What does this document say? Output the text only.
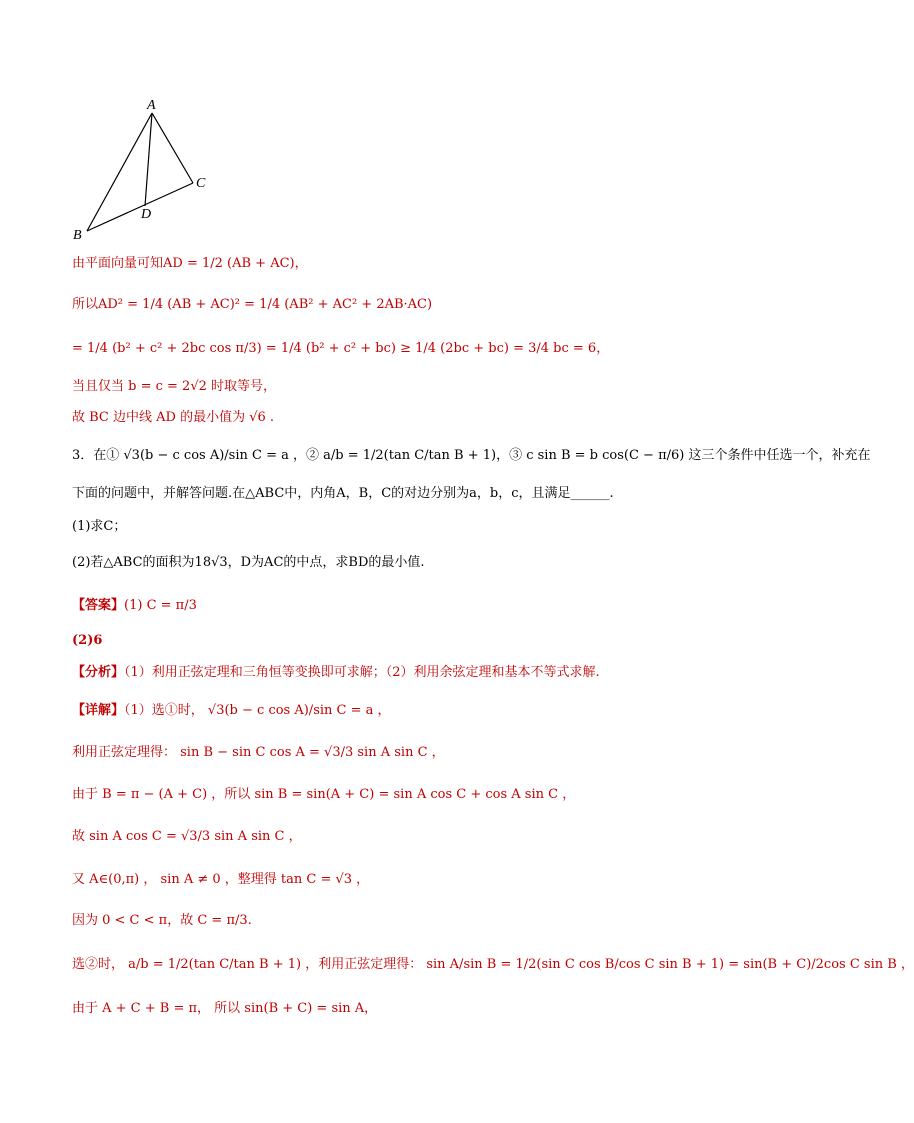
A
B
C
D
由平面向量可知AD = 1/2 (AB + AC)，
所以AD² = 1/4 (AB + AC)² = 1/4 (AB² + AC² + 2AB·AC)
= 1/4 (b² + c² + 2bc cos π/3) = 1/4 (b² + c² + bc) ≥ 1/4 (2bc + bc) = 3/4 bc = 6，
当且仅当 b = c = 2√2 时取等号，
故 BC 边中线 AD 的最小值为 √6 .
3．在① √3(b − c cos A)/sin C = a ，② a/b = 1/2(tan C/tan B + 1)，③ c sin B = b cos(C − π/6) 这三个条件中任选一个，补充在
下面的问题中，并解答问题.在△ABC中，内角A，B，C的对边分别为a，b，c，且满足______.
(1)求C；
(2)若△ABC的面积为18√3，D为AC的中点，求BD的最小值.
【答案】(1) C = π/3
(2)6
【分析】（1）利用正弦定理和三角恒等变换即可求解；（2）利用余弦定理和基本不等式求解.
【详解】（1）选①时， √3(b − c cos A)/sin C = a ，
利用正弦定理得： sin B − sin C cos A = √3/3 sin A sin C ，
由于 B = π − (A + C) ，所以 sin B = sin(A + C) = sin A cos C + cos A sin C ，
故 sin A cos C = √3/3 sin A sin C ，
又 A∈(0,π) ， sin A ≠ 0 ，整理得 tan C = √3 ，
因为 0 < C < π，故 C = π/3.
选②时， a/b = 1/2(tan C/tan B + 1) ，利用正弦定理得： sin A/sin B = 1/2(sin C cos B/cos C sin B + 1) = sin(B + C)/2cos C sin B ，
由于 A + C + B = π， 所以 sin(B + C) = sin A，
